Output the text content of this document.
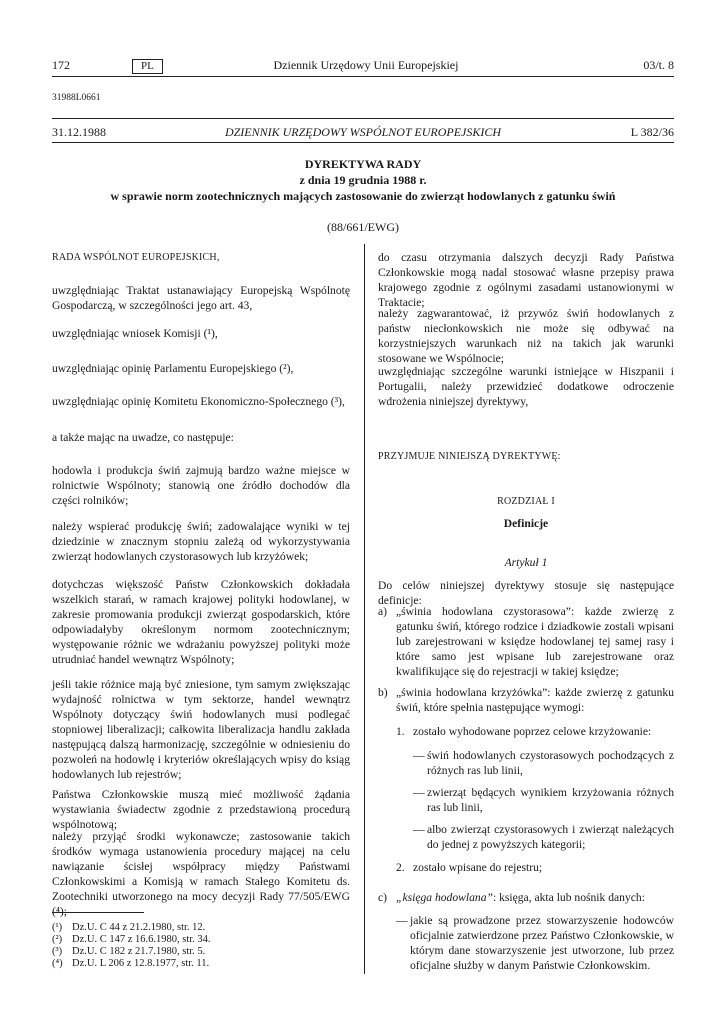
172	PL	Dziennik Urzędowy Unii Europejskiej	03/t. 8
31988L0661
31.12.1988	DZIENNIK URZĘDOWY WSPÓLNOT EUROPEJSKICH	L 382/36
DYREKTYWA RADY
z dnia 19 grudnia 1988 r.
w sprawie norm zootechnicznych mających zastosowanie do zwierząt hodowlanych z gatunku świń
(88/661/EWG)
RADA WSPÓLNOT EUROPEJSKICH,
uwzględniając Traktat ustanawiający Europejską Wspólnotę Gospodarczą, w szczególności jego art. 43,
uwzględniając wniosek Komisji (¹),
uwzględniając opinię Parlamentu Europejskiego (²),
uwzględniając opinię Komitetu Ekonomiczno-Społecznego (³),
a także mając na uwadze, co następuje:
hodowla i produkcja świń zajmują bardzo ważne miejsce w rolnictwie Wspólnoty; stanowią one źródło dochodów dla części rolników;
należy wspierać produkcję świń; zadowalające wyniki w tej dziedzinie w znacznym stopniu zależą od wykorzystywania zwierząt hodowlanych czystorasowych lub krzyżówek;
dotychczas większość Państw Członkowskich dokładała wszelkich starań, w ramach krajowej polityki hodowlanej, w zakresie promowania produkcji zwierząt gospodarskich, które odpowiadałyby określonym normom zootechnicznym; występowanie różnic we wdrażaniu powyższej polityki może utrudniać handel wewnątrz Wspólnoty;
jeśli takie różnice mają być zniesione, tym samym zwiększając wydajność rolnictwa w tym sektorze, handel wewnątrz Wspólnoty dotyczący świń hodowlanych musi podlegać stopniowej liberalizacji; całkowita liberalizacja handlu zakłada następującą dalszą harmonizację, szczególnie w odniesieniu do pozwoleń na hodowlę i kryteriów określających wpisy do ksiąg hodowlanych lub rejestrów;
Państwa Członkowskie muszą mieć możliwość żądania wystawiania świadectw zgodnie z przedstawioną procedurą wspólnotową;
należy przyjąć środki wykonawcze; zastosowanie takich środków wymaga ustanowienia procedury mającej na celu nawiązanie ścisłej współpracy między Państwami Członkowskimi a Komisją w ramach Stałego Komitetu ds. Zootechniki utworzonego na mocy decyzji Rady 77/505/EWG (⁴);
(¹) Dz.U. C 44 z 21.2.1980, str. 12.
(²) Dz.U. C 147 z 16.6.1980, str. 34.
(³) Dz.U. C 182 z 21.7.1980, str. 5.
(⁴) Dz.U. L 206 z 12.8.1977, str. 11.
do czasu otrzymania dalszych decyzji Rady Państwa Członkowskie mogą nadal stosować własne przepisy prawa krajowego zgodnie z ogólnymi zasadami ustanowionymi w Traktacie;
należy zagwarantować, iż przywóz świń hodowlanych z państw niecłonkowskich nie może się odbywać na korzystniejszych warunkach niż na takich jak warunki stosowane we Wspólnocie;
uwzględniając szczególne warunki istniejące w Hiszpanii i Portugalii, należy przewidzieć dodatkowe odroczenie wdrożenia niniejszej dyrektywy,
PRZYJMUJE NINIEJSZĄ DYREKTYWĘ:
ROZDZIAŁ I
Definicje
Artykuł 1
Do celów niniejszej dyrektywy stosuje się następujące definicje:
a) „świnia hodowlana czystorasowa”: każde zwierzę z gatunku świń, którego rodzice i dziadkowie zostali wpisani lub zarejestrowani w księdze hodowlanej tej samej rasy i które samo jest wpisane lub zarejestrowane oraz kwalifikujące się do rejestracji w takiej księdze;
b) „świnia hodowlana krzyżówka”: każde zwierzę z gatunku świń, które spełnia następujące wymogi:
1. zostało wyhodowane poprzez celowe krzyżowanie:
— świń hodowlanych czystorasowych pochodzących z różnych ras lub linii,
— zwierząt będących wynikiem krzyżowania różnych ras lub linii,
— albo zwierząt czystorasowych i zwierząt należących do jednej z powyższych kategorii;
2. zostało wpisane do rejestru;
c) „księga hodowlana”: księga, akta lub nośnik danych:
— jakie są prowadzone przez stowarzyszenie hodowców oficjalnie zatwierdzone przez Państwo Członkowskie, w którym dane stowarzyszenie jest utworzone, lub przez oficjalne służby w danym Państwie Członkowskim.
